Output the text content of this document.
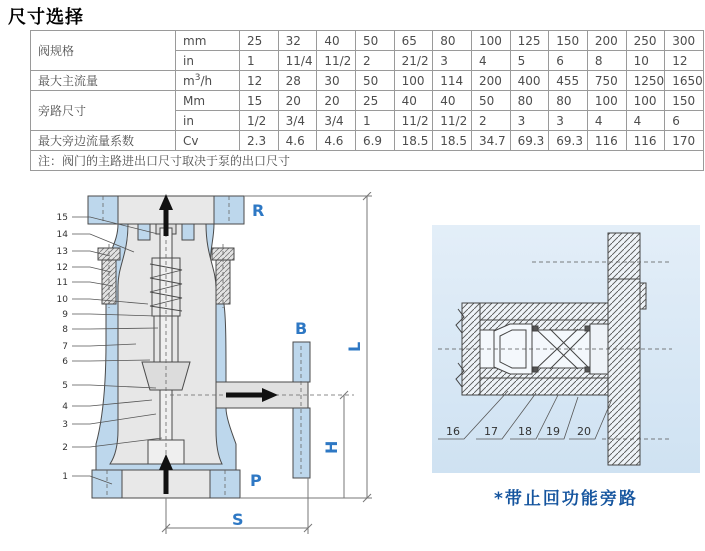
尺寸选择
阀规格	mm	25	32	40	50	65	80	100	125	150	200	250	300
	in	1	11/4	11/2	2	21/2	3	4	5	6	8	10	12
最大主流量	$m^3/h$	12	28	30	50	100	114	200	400	455	750	1250	1650
旁路尺寸	Mm	15	20	20	25	40	40	50	80	80	100	100	150
	in	1/2	3/4	3/4	1	11/2	11/2	2	3	3	4	4	6
最大旁边流量系数	Cv	2.3	4.6	4.6	6.9	18.5	18.5	34.7	69.3	69.3	116	116	170
注：阀门的主路进出口尺寸取决于泵的出口尺寸													
15
14
13
12
11
10
9
8
7
6
5
4
3
2
1
R
B
P
S
L
H
16 17 18 19 20
*带止回功能旁路
